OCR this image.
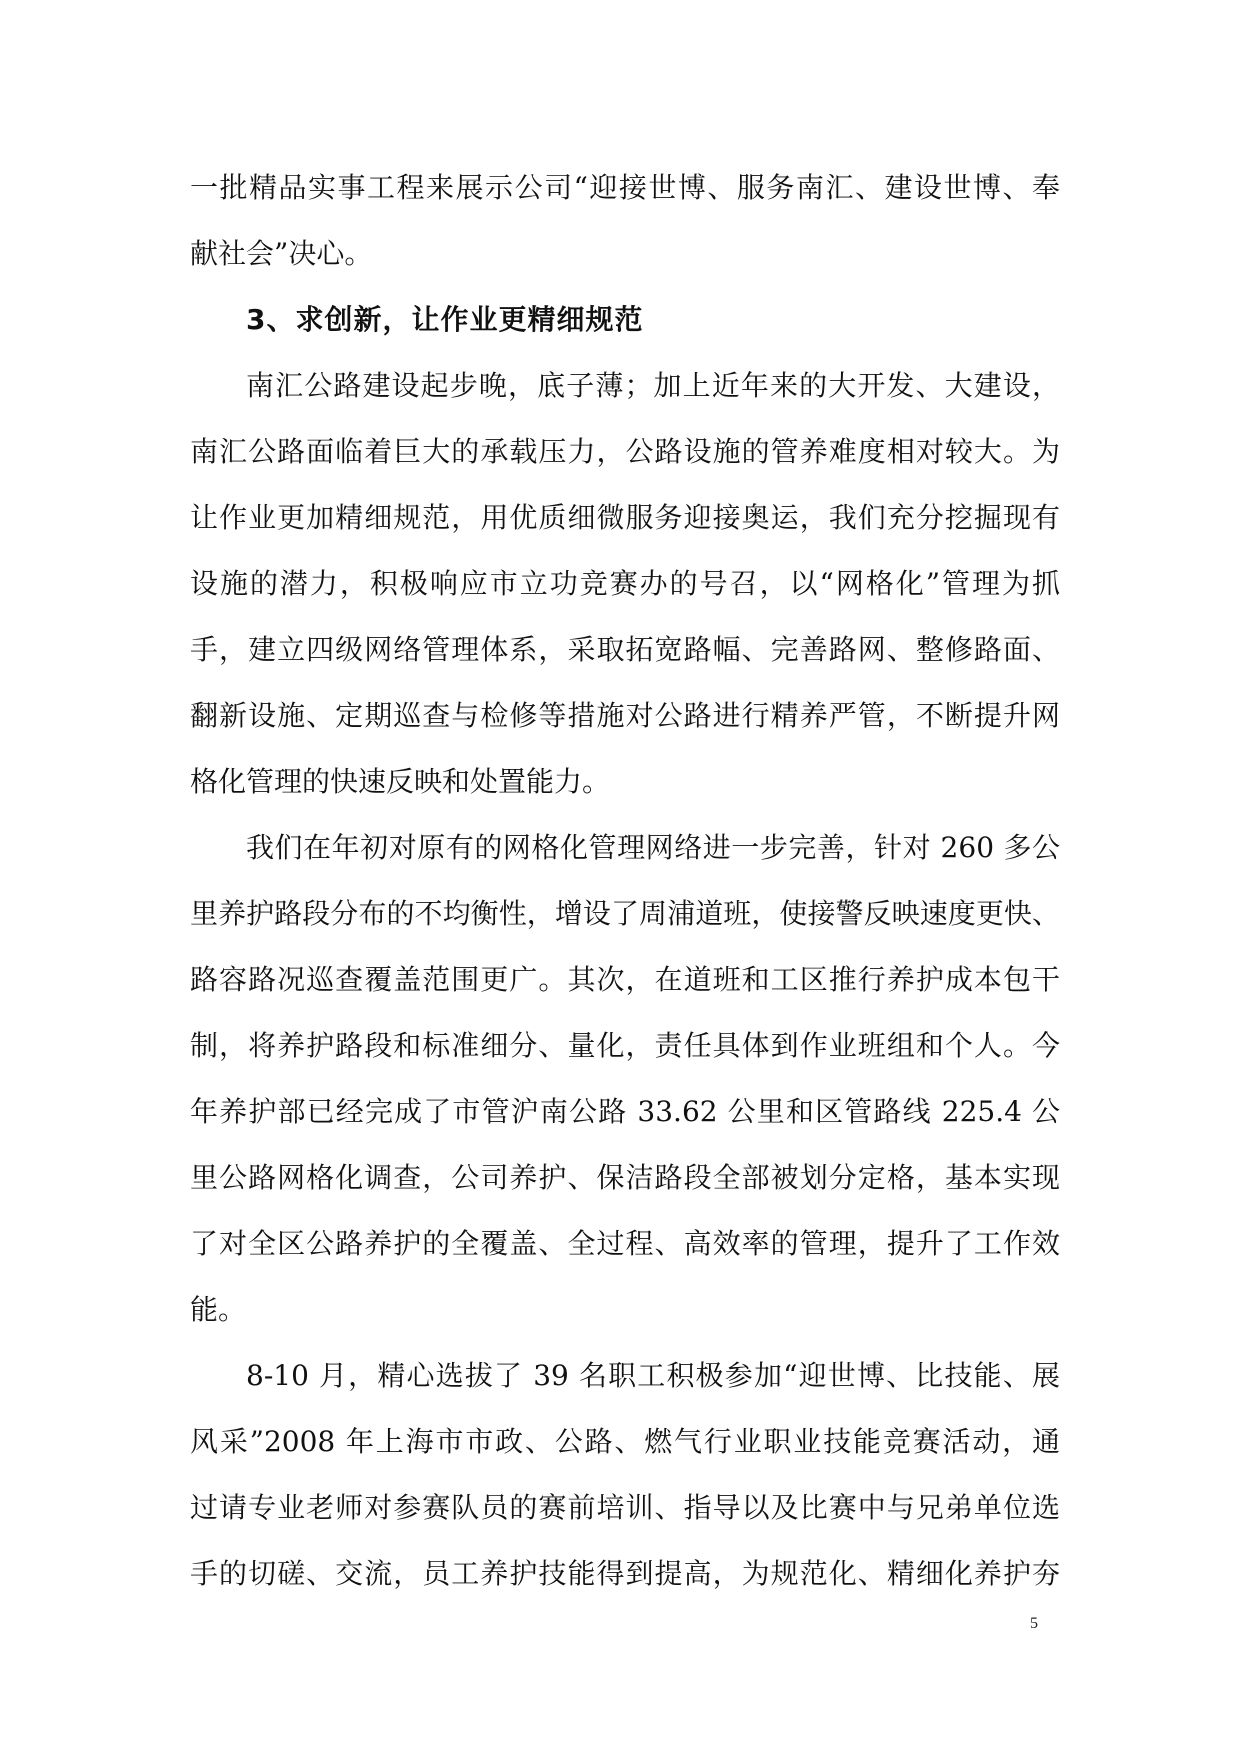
一批精品实事工程来展示公司“迎接世博、服务南汇、建设世博、奉
献社会”决心。
3、求创新，让作业更精细规范
南汇公路建设起步晚，底子薄；加上近年来的大开发、大建设，
南汇公路面临着巨大的承载压力，公路设施的管养难度相对较大。为
让作业更加精细规范，用优质细微服务迎接奥运，我们充分挖掘现有
设施的潜力，积极响应市立功竞赛办的号召，以“网格化”管理为抓
手，建立四级网络管理体系，采取拓宽路幅、完善路网、整修路面、
翻新设施、定期巡查与检修等措施对公路进行精养严管，不断提升网
格化管理的快速反映和处置能力。
我们在年初对原有的网格化管理网络进一步完善，针对 260 多公
里养护路段分布的不均衡性，增设了周浦道班，使接警反映速度更快、
路容路况巡查覆盖范围更广。其次，在道班和工区推行养护成本包干
制，将养护路段和标准细分、量化，责任具体到作业班组和个人。今
年养护部已经完成了市管沪南公路 33.62 公里和区管路线 225.4 公
里公路网格化调查，公司养护、保洁路段全部被划分定格，基本实现
了对全区公路养护的全覆盖、全过程、高效率的管理，提升了工作效
能。
8-10 月，精心选拔了 39 名职工积极参加“迎世博、比技能、展
风采”2008 年上海市市政、公路、燃气行业职业技能竞赛活动，通
过请专业老师对参赛队员的赛前培训、指导以及比赛中与兄弟单位选
手的切磋、交流，员工养护技能得到提高，为规范化、精细化养护夯
5
